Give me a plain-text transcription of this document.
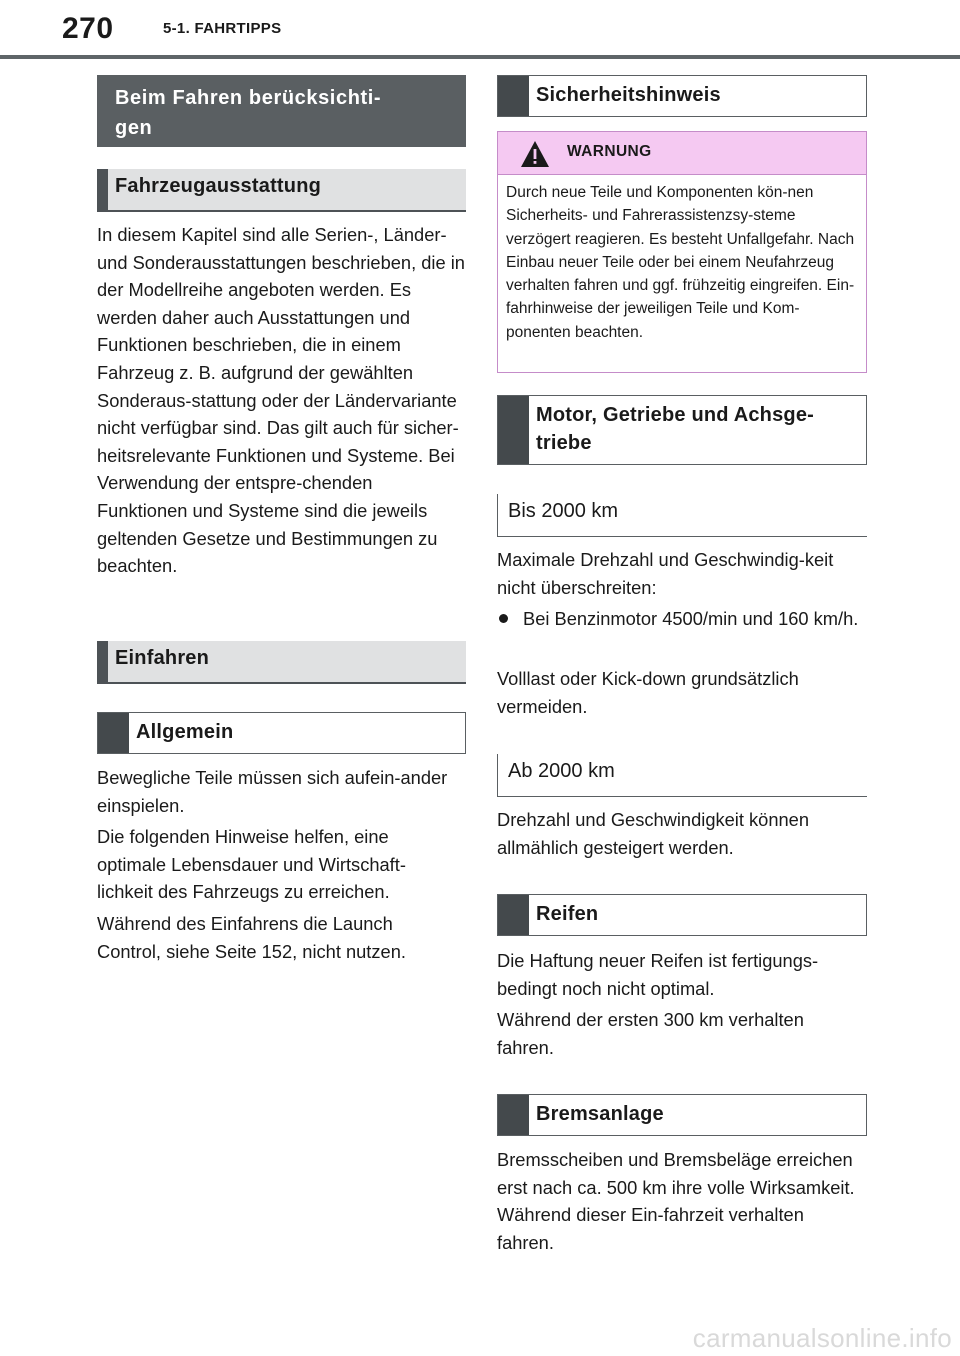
270	5-1. FAHRTIPPS
Beim Fahren berücksichti-
gen
Fahrzeugausstattung

In diesem Kapitel sind alle Serien-, Länder- und Sonderausstattungen beschrieben, die in der Modellreihe angeboten werden. Es werden daher auch Ausstattungen und Funktionen beschrieben, die in einem Fahrzeug z. B. aufgrund der gewählten Sonderaus-stattung oder der Ländervariante nicht verfügbar sind. Das gilt auch für sicher-heitsrelevante Funktionen und Systeme. Bei Verwendung der entspre-chenden Funktionen und Systeme sind die jeweils geltenden Gesetze und Bestimmungen zu beachten.

Einfahren
Allgemein

Bewegliche Teile müssen sich aufein-ander einspielen.

Die folgenden Hinweise helfen, eine optimale Lebensdauer und Wirtschaft-lichkeit des Fahrzeugs zu erreichen.

Während des Einfahrens die Launch Control, siehe Seite 152, nicht nutzen.

Sicherheitshinweis
WARNUNG

Durch neue Teile und Komponenten kön-nen Sicherheits- und Fahrerassistenzsy-steme verzögert reagieren. Es besteht Unfallgefahr. Nach Einbau neuer Teile oder bei einem Neufahrzeug verhalten fahren und ggf. frühzeitig eingreifen. Ein-fahrhinweise der jeweiligen Teile und Kom-ponenten beachten.

Motor, Getriebe und Achsge-
triebe
Bis 2000 km

Maximale Drehzahl und Geschwindig-keit nicht überschreiten:

Bei Benzinmotor 4500/min und 160 km/h.

Volllast oder Kick-down grundsätzlich vermeiden.

Ab 2000 km

Drehzahl und Geschwindigkeit können allmählich gesteigert werden.

Reifen

Die Haftung neuer Reifen ist fertigungs-bedingt noch nicht optimal.

Während der ersten 300 km verhalten fahren.

Bremsanlage

Bremsscheiben und Bremsbeläge erreichen erst nach ca. 500 km ihre volle Wirksamkeit. Während dieser Ein-fahrzeit verhalten fahren.

carmanualsonline.info
